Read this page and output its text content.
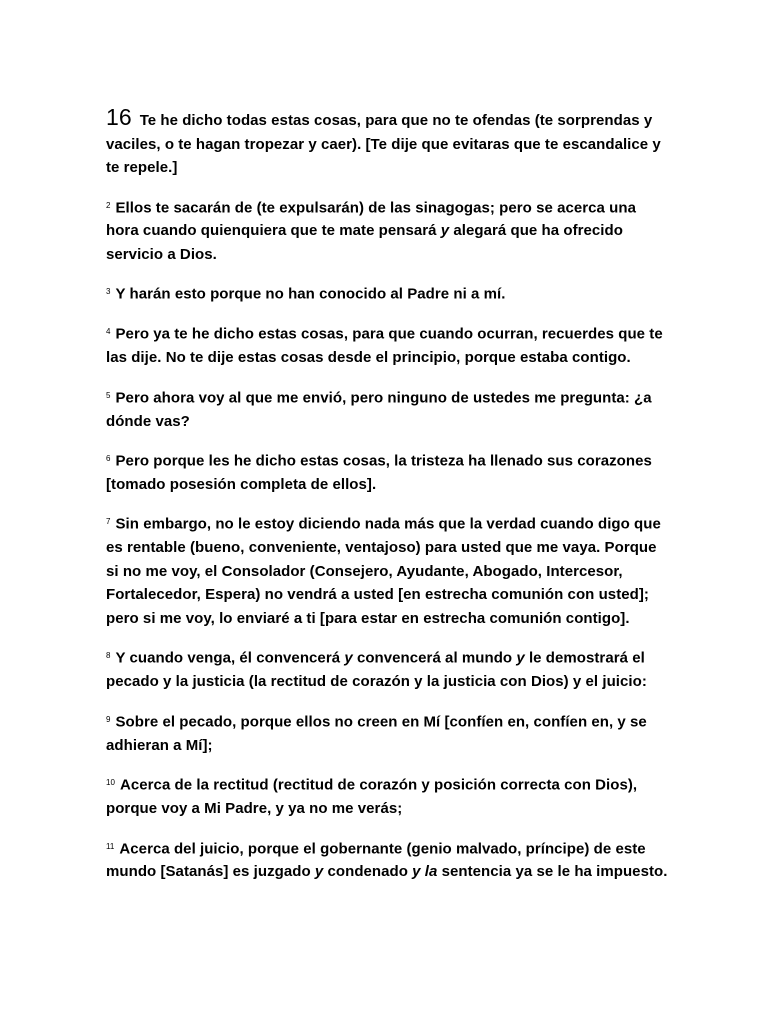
16 Te he dicho todas estas cosas, para que no te ofendas (te sorprendas y vaciles, o te hagan tropezar y caer). [Te dije que evitaras que te escandalice y te repele.]

$^2$ Ellos te sacarán de (te expulsarán) de las sinagogas; pero se acerca una hora cuando quienquiera que te mate pensará y alegará que ha ofrecido servicio a Dios.

$^3$ Y harán esto porque no han conocido al Padre ni a mí.

$^4$ Pero ya te he dicho estas cosas, para que cuando ocurran, recuerdes que te las dije. No te dije estas cosas desde el principio, porque estaba contigo.

$^5$ Pero ahora voy al que me envió, pero ninguno de ustedes me pregunta: ¿a dónde vas?

$^6$ Pero porque les he dicho estas cosas, la tristeza ha llenado sus corazones [tomado posesión completa de ellos].

$^7$ Sin embargo, no le estoy diciendo nada más que la verdad cuando digo que es rentable (bueno, conveniente, ventajoso) para usted que me vaya. Porque si no me voy, el Consolador (Consejero, Ayudante, Abogado, Intercesor, Fortalecedor, Espera) no vendrá a usted [en estrecha comunión con usted]; pero si me voy, lo enviaré a ti [para estar en estrecha comunión contigo].

$^8$ Y cuando venga, él convencerá y convencerá al mundo y le demostrará el pecado y la justicia (la rectitud de corazón y la justicia con Dios) y el juicio:

$^9$ Sobre el pecado, porque ellos no creen en Mí [confíen en, confíen en, y se adhieran a Mí];

$^{10}$ Acerca de la rectitud (rectitud de corazón y posición correcta con Dios), porque voy a Mi Padre, y ya no me verás;

$^{11}$ Acerca del juicio, porque el gobernante (genio malvado, príncipe) de este mundo [Satanás] es juzgado y condenado y la sentencia ya se le ha impuesto.
